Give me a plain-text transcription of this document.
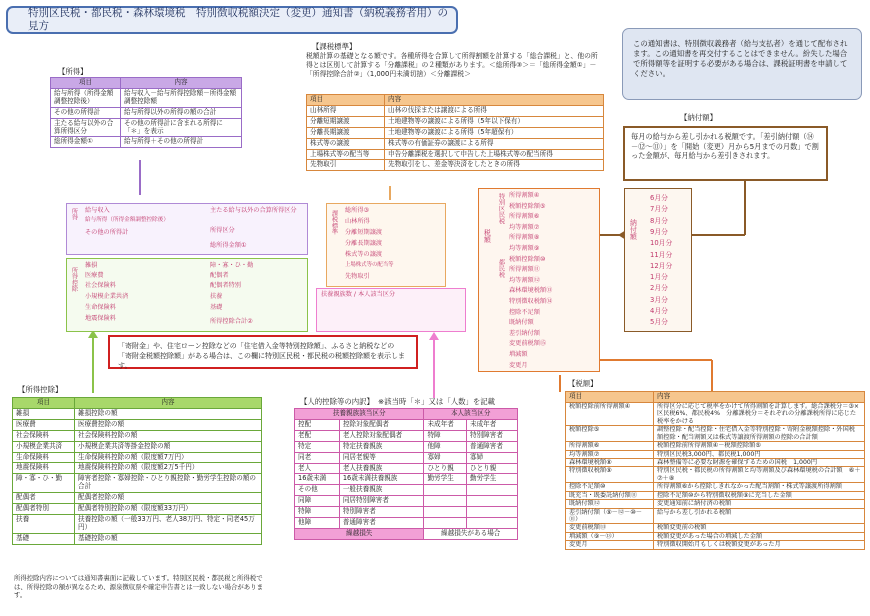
特別区民税・都民税・森林環境税　特別徴収税額決定（変更）通知書（納税義務者用）の見方
この通知書は、特別徴収義務者（給与支払者）を通じて配布されます。この通知書を再交付することはできません。紛失した場合で所得額等を証明する必要がある場合は、課税証明書を申請してください。
【所得】
項目	内容
給与所得（所得金額調整控除後）	給与収入－給与所得控除額－所得金額調整控除額
その他の所得計	給与所得以外の所得の額の合計
主たる給与以外の合算所得区分	その他の所得計に含まれる所得に「＊」を表示
総所得金額①	給与所得＋その他の所得計
【課税標準】
税額計算の基礎となる額です。各種所得を合算して所得割額を計算する「総合課税」と、他の所得とは区別して計算する「分離課税」の２種類があります。＜総所得③＞＝「総所得金額①」－「所得控除合計②」（1,000円未満切捨）＜分離課税＞
項目	内容
山林所得	山林の伐採または譲渡による所得
分離短期譲渡	土地建物等の譲渡による所得（5年以下保有）
分離長期譲渡	土地建物等の譲渡による所得（5年超保有）
株式等の譲渡	株式等の有価証券の譲渡による所得
上場株式等の配当等	申告分離課税を選択して申告した上場株式等の配当所得
先物取引	先物取引をし、差金等決済をしたときの所得
所得 給与収入
給与所得（所得金額調整控除後）
その他の所得計
主たる給与以外の合算所得区分
所得区分
総所得金額①
所得控除
雑損
医療費
社会保険料
小規模企業共済
生命保険料
地震保険料
障・寡・ひ・勤
配偶者
配偶者特別
扶養
基礎
所得控除合計②
課税標準 総所得③
山林所得
分離短期譲渡
分離長期譲渡
株式等の譲渡
上場株式等の配当等
先物取引
扶養親族数 / 本人該当区分
税額
特別区民税
都民税
所得割額④
税額控除額⑤
所得割額⑥
均等割額⑦
所得割額⑧
均等割額⑨
税額控除額⑩
所得割額⑪
均等割額⑫
森林環境税額⑬
特別徴収税額⑭
控除不足額
既納付額
差引納付額
変更前税額⑮
増減額
変更月
納付額
6月分
7月分
8月分
9月分
10月分
11月分
12月分
1月分
2月分
3月分
4月分
5月分
「寄附金」や、住宅ローン控除などの「住宅借入金等特別控除額」、ふるさと納税などの
「寄附金税額控除額」がある場合は、この欄に特別区民税・都民税の税額控除額を表示します。
【納付額】
毎月の給与から差し引かれる税額です。「差引納付額（⑭－⑫～⑪）」を「開始（変更）月から5月までの月数」で割った金額が、毎月給与から差引きされます。
【所得控除】
項目	内容
雑損	雑損控除の額
医療費	医療費控除の額
社会保険料	社会保険料控除の額
小規模企業共済	小規模企業共済等掛金控除の額
生命保険料	生命保険料控除の額（限度額7万円）
地震保険料	地震保険料控除の額（限度額2万5千円）
障・寡・ひ・勤	障害者控除・寡婦控除・ひとり親控除・勤労学生控除の額の合計
配偶者	配偶者控除の額
配偶者特別	配偶者特別控除の額（限度額33万円）
扶養	扶養控除の額（一般33万円、老人38万円、特定・同老45万円）
基礎	基礎控除の額
所得控除内容については通知書裏面に記載しています。特別区民税・都民税と所得税では、所得控除の額が異なるため、源泉徴収票や確定申告書とは一致しない場合があります。
【人的控除等の内訳】 ※該当時「＊」又は「人数」を記載
扶養親族該当区分		本人該当区分	
控配	控除対象配偶者	未成年者	未成年者
老配	老人控除対象配偶者	特障	特別障害者
特定	特定扶養親族	他障	普通障害者
同老	同居老親等	寡婦	寡婦
老人	老人扶養親族	ひとり親	ひとり親
16歳未満	16歳未満扶養親族	勤労学生	勤労学生
その他	一般扶養親族		
同障	同居特別障害者		
特障	特別障害者		
他障	普通障害者		
繰越損失		繰越損失がある場合	
【税額】
項目	内容
税額控除前所得割額④	所得区分に応じて税率をかけて所得割額を計算します。総合課税分＝③×区民税6%、都民税4%　分離課税分＝それぞれの分離課税所得に応じた税率をかける
税額控除⑤	調整控除・配当控除・住宅借入金等特別控除・寄附金税額控除・外国税額控除・配当割額又は株式等譲渡所得割額の控除の合計額
所得割額⑥	税額控除前所得割額④－税額控除額⑤
均等割額⑦	特別区民税3,000円、都民税1,000円
森林環境税額⑧	森林整備等に必要な財源を確保するための国税　1,000円
特別徴収税額⑨	特別区民税・都民税の所得割額と均等割額及び森林環境税の合計額　⑥＋⑦＋⑧
控除不足額⑩	所得割額⑥から控除しきれなかった配当割額・株式等譲渡所得割額
既充当・既委託納付額⑪	控除不足額⑩から特別徴収税額⑨に充当した金額
既納付額⑫	変更通知前に納付済の税額
差引納付額（⑨－⑫－⑩－⑪）	給与から差し引かれる税額
変更前税額⑬	税額変更前の税額
増減額（⑨－⑬）	税額変更があった場合の増減した金額
変更月	特別徴収開始月もしくは税額変更があった月
